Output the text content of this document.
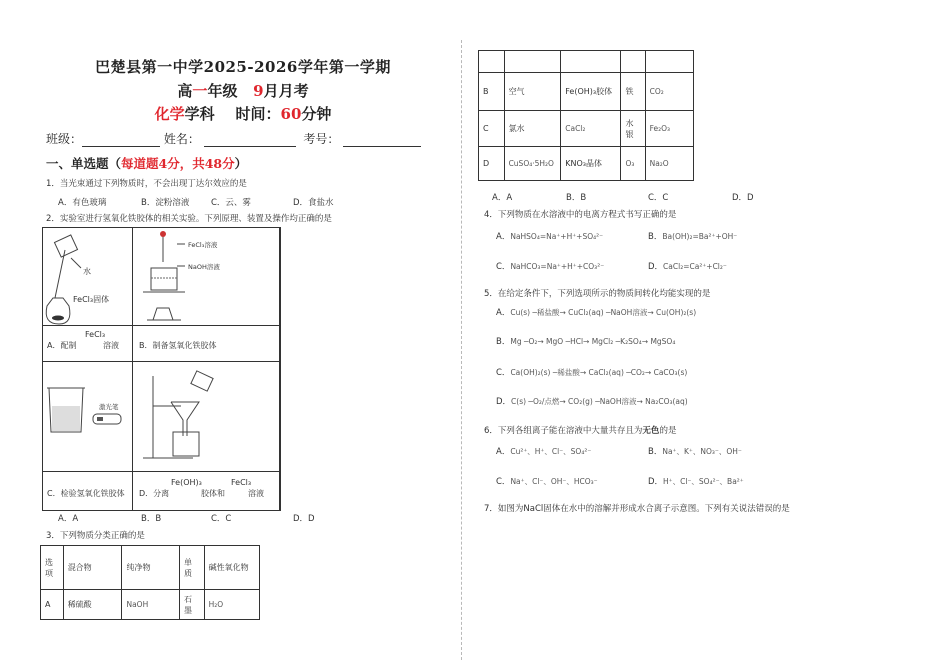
巴楚县第一中学2025-2026学年第一学期
高一年级 9月月考
化学学科 时间：60分钟
班级：	姓名：	考号：
一、单选题（每道题4分，共48分）
1．当光束通过下列物质时，不会出现丁达尔效应的是
A．有色玻璃	B．淀粉溶液	C．云、雾	D．食盐水
2．实验室进行氢氧化铁胶体的相关实验。下列原理、装置及操作均正确的是
水
FeCl₃固体
FeCl₃溶液
NaOH溶液
A．配制
FeCl₃
溶液	B．制备氢氧化铁胶体
激光笔
C．检验氢氧化铁胶体 D．分离
Fe(OH)₃
胶体和
FeCl₃
溶液
A．A	B．B	C．C	D．D
3．下列物质分类正确的是
选项	混合物	纯净物	单质	碱性氧化物
A	稀硫酸	NaOH	石墨	H₂O

B	空气	Fe(OH)₃胶体	铁	CO₂
C	氯水	CaCl₂	水银	Fe₂O₃
D	CuSO₄·5H₂O	KNO₃晶体	O₃	Na₂O
A．A	B．B	C．C	D．D
4．下列物质在水溶液中的电离方程式书写正确的是
A．NaHSO₄=Na⁺+H⁺+SO₄²⁻	B．Ba(OH)₂=Ba²⁺+OH⁻
C．NaHCO₃=Na⁺+H⁺+CO₃²⁻	D．CaCl₂=Ca²⁺+Cl₂⁻
5．在给定条件下，下列选项所示的物质间转化均能实现的是
A．Cu(s) ─稀盐酸→ CuCl₂(aq) ─NaOH溶液→ Cu(OH)₂(s)
B．Mg ─O₂→ MgO ─HCl→ MgCl₂ ─K₂SO₄→ MgSO₄
C．Ca(OH)₂(s) ─稀盐酸→ CaCl₂(aq) ─CO₂→ CaCO₃(s)
D．C(s) ─O₂/点燃→ CO₂(g) ─NaOH溶液→ Na₂CO₃(aq)
6．下列各组离子能在溶液中大量共存且为无色的是
A．Cu²⁺、H⁺、Cl⁻、SO₄²⁻	B．Na⁺、K⁺、NO₃⁻、OH⁻
C．Na⁺、Cl⁻、OH⁻、HCO₃⁻	D．H⁺、Cl⁻、SO₄²⁻、Ba²⁺
7．如图为NaCl固体在水中的溶解并形成水合离子示意图。下列有关说法错误的是
